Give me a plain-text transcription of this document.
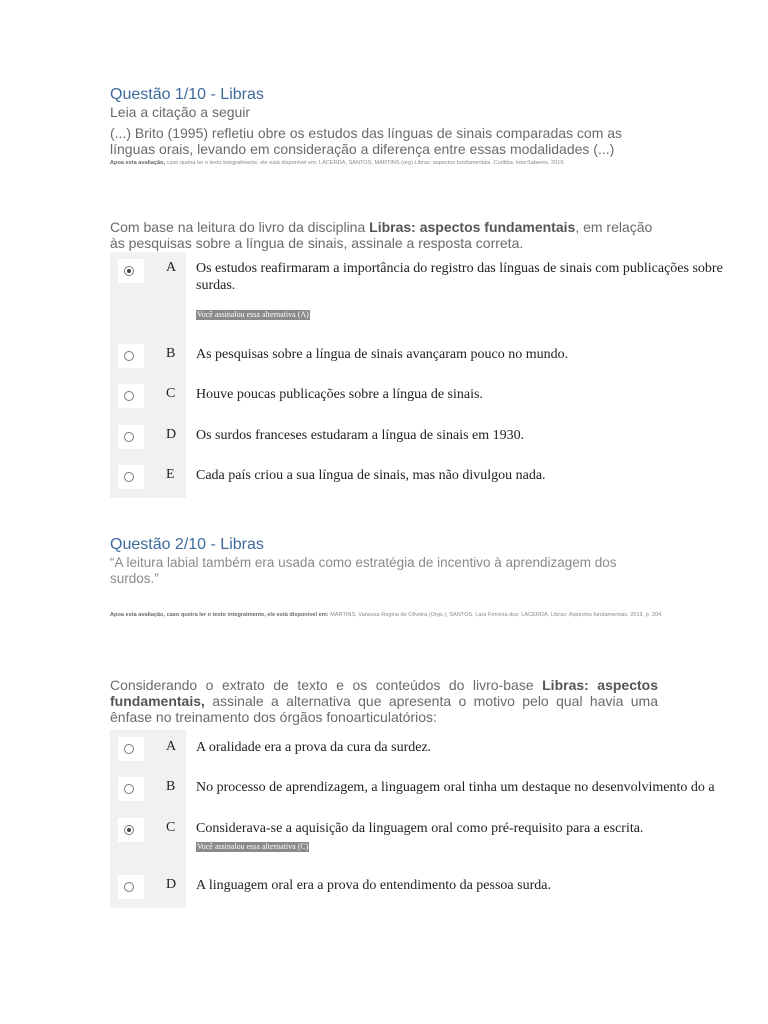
Questão 1/10 - Libras
Leia a citação a seguir
(...) Brito (1995) refletiu obre os estudos das línguas de sinais comparadas com as línguas orais, levando em consideração a diferença entre essas modalidades (...)
Apoa esta avaliação, caso queira ler o texto integralmente, ele está disponível em: LACERDA, SANTOS, MARTINS (org) Libras: aspectos fundamentais. Curitiba: InterSaberes, 2019.
Com base na leitura do livro da disciplina Libras: aspectos fundamentais, em relação às pesquisas sobre a língua de sinais, assinale a resposta correta.
A Os estudos reafirmaram a importância do registro das línguas de sinais com publicações sobre
surdas.
Você assinalou essa alternativa (A)
B As pesquisas sobre a língua de sinais avançaram pouco no mundo.
C Houve poucas publicações sobre a língua de sinais.
D Os surdos franceses estudaram a língua de sinais em 1930.
E Cada país criou a sua língua de sinais, mas não divulgou nada.
Questão 2/10 - Libras
“A leitura labial também era usada como estratégia de incentivo à aprendizagem dos surdos.”
Apoa esta avaliação, caso queira ler o texto integralmente, ele está disponível em: MARTINS, Vanessa Regina de Oliveira (Orgs.); SANTOS, Lara Ferreira dos; LACERDA, Libras: Aspectos fundamentais. 2019. p. 204.
Considerando o extrato de texto e os conteúdos do livro-base Libras: aspectos fundamentais, assinale a alternativa que apresenta o motivo pelo qual havia uma ênfase no treinamento dos órgãos fonoarticulatórios:
A A oralidade era a prova da cura da surdez.
B No processo de aprendizagem, a linguagem oral tinha um destaque no desenvolvimento do a
C Considerava-se a aquisição da linguagem oral como pré-requisito para a escrita.
Você assinalou essa alternativa (C)
D A linguagem oral era a prova do entendimento da pessoa surda.
